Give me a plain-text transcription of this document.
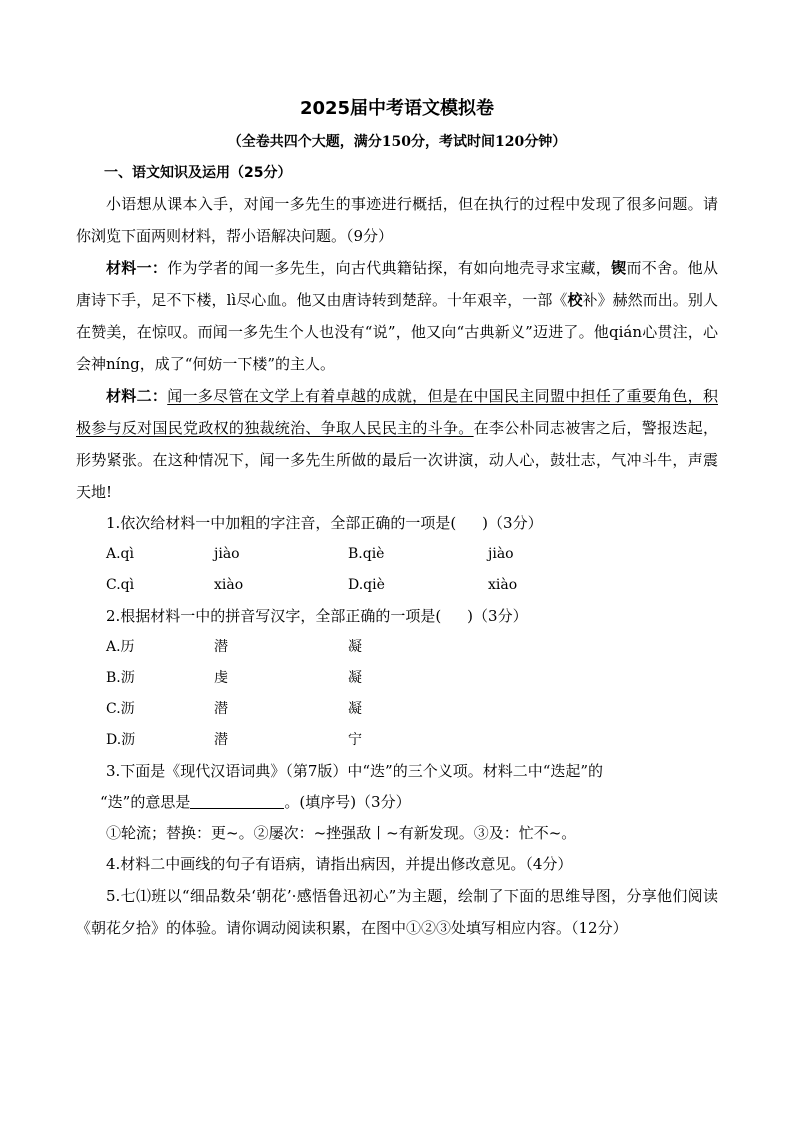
2025届中考语文模拟卷
（全卷共四个大题，满分150分，考试时间120分钟）
一、语文知识及运用（25分）

小语想从课本入手，对闻一多先生的事迹进行概括，但在执行的过程中发现了很多问题。请你浏览下面两则材料，帮小语解决问题。（9分）

材料一：作为学者的闻一多先生，向古代典籍钻探，有如向地壳寻求宝藏，锲而不舍。他从唐诗下手，足不下楼，lì尽心血。他又由唐诗转到楚辞。十年艰辛，一部《校补》赫然而出。别人在赞美，在惊叹。而闻一多先生个人也没有“说”，他又向“古典新义”迈进了。他qián心贯注，心会神níng，成了“何妨一下楼”的主人。

材料二：闻一多尽管在文学上有着卓越的成就，但是在中国民主同盟中担任了重要角色，积极参与反对国民党政权的独裁统治、争取人民民主的斗争。在李公朴同志被害之后，警报迭起，形势紧张。在这种情况下，闻一多先生所做的最后一次讲演，动人心，鼓壮志，气冲斗牛，声震天地!

1.依次给材料一中加粗的字注音，全部正确的一项是( )（3分）
A.qì	jiào	B.qiè	jiào
C.qì	xiào	D.qiè	xiào
2.根据材料一中的拼音写汉字，全部正确的一项是( )（3分）
A.历	潜	凝
B.沥	虔	凝
C.沥	潜	凝
D.沥	潜	宁
3.下面是《现代汉语词典》（第7版）中“迭”的三个义项。材料二中“迭起”的
“迭”的意思是	。(填序号)（3分）
①轮流；替换：更~。②屡次：~挫强敌丨~有新发现。③及：忙不~。
4.材料二中画线的句子有语病，请指出病因，并提出修改意见。（4分）

5.七⑴班以“细品数朵‘朝花’·感悟鲁迅初心”为主题，绘制了下面的思维导图，分享他们阅读《朝花夕拾》的体验。请你调动阅读积累，在图中①②③处填写相应内容。（12分）
